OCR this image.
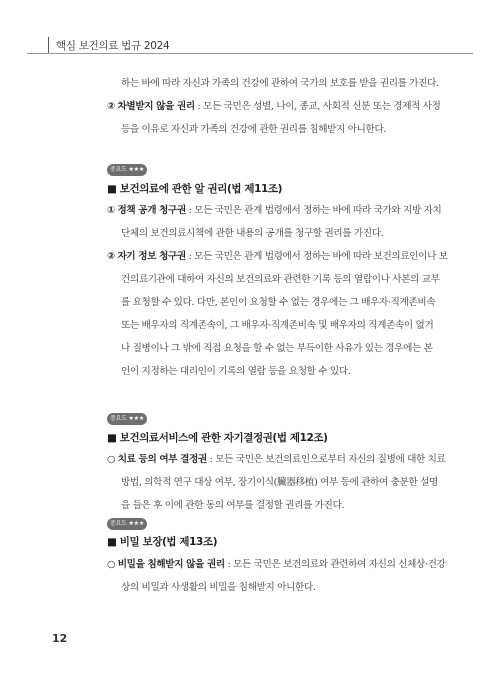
핵심 보건의료 법규 2024
하는 바에 따라 자신과 가족의 건강에 관하여 국가의 보호를 받을 권리를 가진다.
② 차별받지 않을 권리 : 모든 국민은 성별, 나이, 종교, 사회적 신분 또는 경제적 사정
등을 이유로 자신과 가족의 건강에 관한 권리를 침해받지 아니한다.
중요도 ★★★
■ 보건의료에 관한 알 권리(법 제11조)
① 정책 공개 청구권 : 모든 국민은 관계 법령에서 정하는 바에 따라 국가와 지방 자치
단체의 보건의료시책에 관한 내용의 공개를 청구할 권리를 가진다.
② 자기 정보 청구권 : 모든 국민은 관계 법령에서 정하는 바에 따라 보건의료인이나 보
건의료기관에 대하여 자신의 보건의료와 관련한 기록 등의 열람이나 사본의 교부
를 요청할 수 있다. 다만, 본인이 요청할 수 없는 경우에는 그 배우자·직계존비속
또는 배우자의 직계존속이, 그 배우자·직계존비속 및 배우자의 직계존속이 없거
나 질병이나 그 밖에 직접 요청을 할 수 없는 부득이한 사유가 있는 경우에는 본
인이 지정하는 대리인이 기록의 열람 등을 요청할 수 있다.
중요도 ★★★
■ 보건의료서비스에 관한 자기결정권(법 제12조)
○ 치료 등의 여부 결정권 : 모든 국민은 보건의료인으로부터 자신의 질병에 대한 치료
방법, 의학적 연구 대상 여부, 장기이식(臟器移植) 여부 등에 관하여 충분한 설명
을 들은 후 이에 관한 동의 여부를 결정할 권리를 가진다.
중요도 ★★★
■ 비밀 보장(법 제13조)
○ 비밀을 침해받지 않을 권리 : 모든 국민은 보건의료와 관련하여 자신의 신체상·건강
상의 비밀과 사생활의 비밀을 침해받지 아니한다.
12
